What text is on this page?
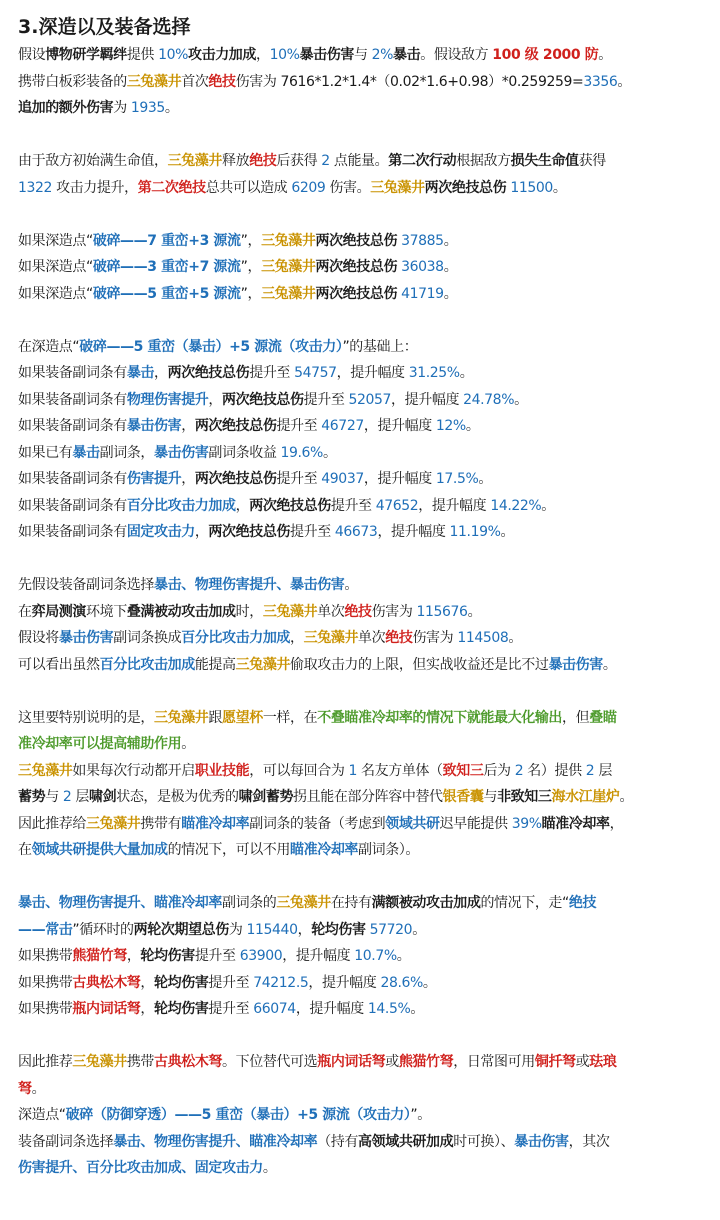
3.深造以及装备选择

假设博物研学羁绊提供 10%攻击力加成，10%暴击伤害与 2%暴击。假设敌方 100 级 2000 防。

携带白板彩装备的三兔藻井首次绝技伤害为 7616*1.2*1.4*（0.02*1.6+0.98）*0.259259=3356。

追加的额外伤害为 1935。

由于敌方初始满生命值，三兔藻井释放绝技后获得 2 点能量。第二次行动根据敌方损失生命值获得

1322 攻击力提升，第二次绝技总共可以造成 6209 伤害。三兔藻井两次绝技总伤 11500。

如果深造点“破碎——7 重峦+3 源流”，三兔藻井两次绝技总伤 37885。

如果深造点“破碎——3 重峦+7 源流”，三兔藻井两次绝技总伤 36038。

如果深造点“破碎——5 重峦+5 源流”，三兔藻井两次绝技总伤 41719。

在深造点“破碎——5 重峦（暴击）+5 源流（攻击力）”的基础上：

如果装备副词条有暴击，两次绝技总伤提升至 54757，提升幅度 31.25%。

如果装备副词条有物理伤害提升，两次绝技总伤提升至 52057，提升幅度 24.78%。

如果装备副词条有暴击伤害，两次绝技总伤提升至 46727，提升幅度 12%。

如果已有暴击副词条，暴击伤害副词条收益 19.6%。

如果装备副词条有伤害提升，两次绝技总伤提升至 49037，提升幅度 17.5%。

如果装备副词条有百分比攻击力加成，两次绝技总伤提升至 47652，提升幅度 14.22%。

如果装备副词条有固定攻击力，两次绝技总伤提升至 46673，提升幅度 11.19%。

先假设装备副词条选择暴击、物理伤害提升、暴击伤害。

在弈局测演环境下叠满被动攻击加成时，三兔藻井单次绝技伤害为 115676。

假设将暴击伤害副词条换成百分比攻击力加成，三兔藻井单次绝技伤害为 114508。

可以看出虽然百分比攻击加成能提高三兔藻井偷取攻击力的上限，但实战收益还是比不过暴击伤害。

这里要特别说明的是，三兔藻井跟愿望杯一样，在不叠瞄准冷却率的情况下就能最大化输出，但叠瞄

准冷却率可以提高辅助作用。

三兔藻井如果每次行动都开启职业技能，可以每回合为 1 名友方单体（致知三后为 2 名）提供 2 层

蓄势与 2 层啸剑状态，是极为优秀的啸剑蓄势拐且能在部分阵容中替代银香囊与非致知三海水江崖炉。

因此推荐给三兔藻井携带有瞄准冷却率副词条的装备（考虑到领域共研迟早能提供 39%瞄准冷却率，

在领域共研提供大量加成的情况下，可以不用瞄准冷却率副词条）。

暴击、物理伤害提升、瞄准冷却率副词条的三兔藻井在持有满额被动攻击加成的情况下，走“绝技

——常击”循环时的两轮次期望总伤为 115440，轮均伤害 57720。

如果携带熊猫竹弩，轮均伤害提升至 63900，提升幅度 10.7%。

如果携带古典松木弩，轮均伤害提升至 74212.5，提升幅度 28.6%。

如果携带瓶内词话弩，轮均伤害提升至 66074，提升幅度 14.5%。

因此推荐三兔藻井携带古典松木弩。下位替代可选瓶内词话弩或熊猫竹弩，日常图可用铜扦弩或珐琅

弩。

深造点“破碎（防御穿透）——5 重峦（暴击）+5 源流（攻击力）”。

装备副词条选择暴击、物理伤害提升、瞄准冷却率（持有高领域共研加成时可换）、暴击伤害，其次

伤害提升、百分比攻击加成、固定攻击力。
